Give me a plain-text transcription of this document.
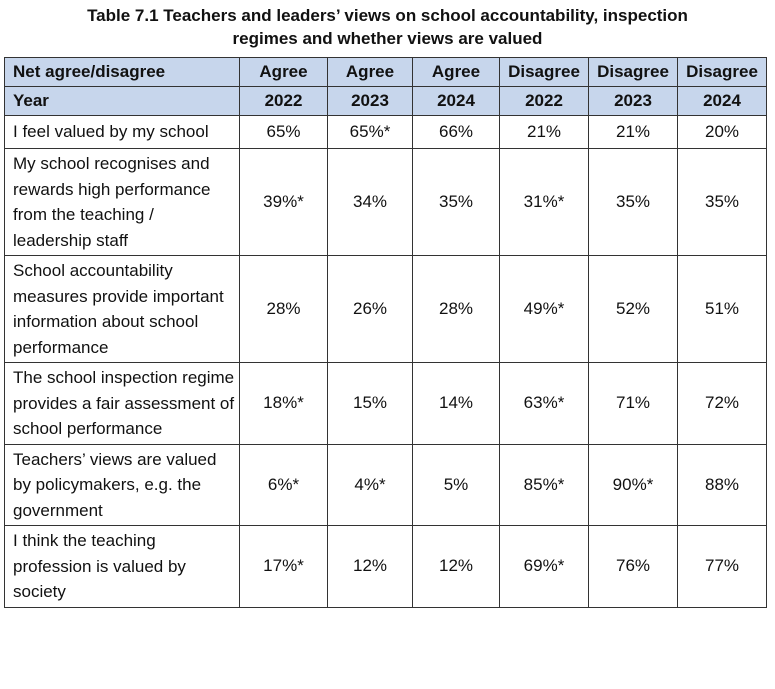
Table 7.1 Teachers and leaders’ views on school accountability, inspection
regimes and whether views are valued
Net agree/disagree	Agree	Agree	Agree	Disagree	Disagree	Disagree
Year	2022	2023	2024	2022	2023	2024
I feel valued by my school	65%	65%*	66%	21%	21%	20%
My school recognises and rewards high performance from the teaching / leadership staff	39%*	34%	35%	31%*	35%	35%
School accountability measures provide important information about school performance	28%	26%	28%	49%*	52%	51%
The school inspection regime provides a fair assessment of school performance	18%*	15%	14%	63%*	71%	72%
Teachers’ views are valued by policymakers, e.g. the government	6%*	4%*	5%	85%*	90%*	88%
I think the teaching profession is valued by society	17%*	12%	12%	69%*	76%	77%
